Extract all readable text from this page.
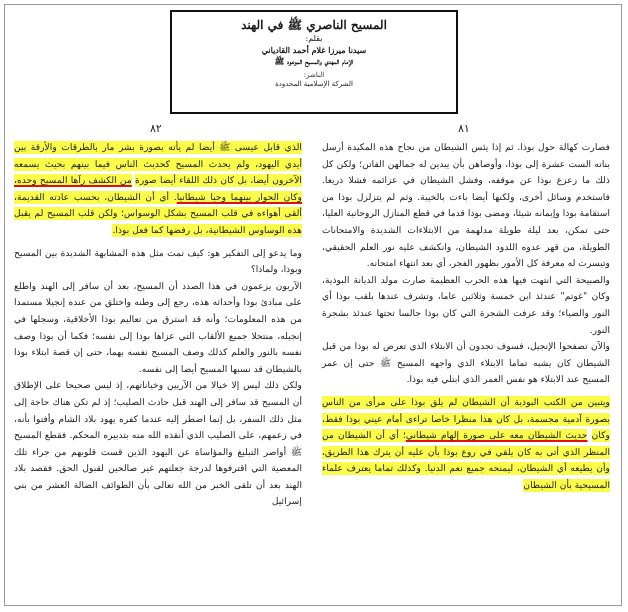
المسيح الناصري ﷺ في الهند
بقلم:
سيدنا ميرزا غلام أحمد القادياني
الإمام المهدي والمسيح الموعود ﷺ
الناشر:
الشركة الإسلامية المحدودة
٨٢	٨١

فصارت كهالة حول بوذا. ثم إذا يئس الشيطان من نجاح هذه المكيدة أرسل بناته الست عشرة إلى بوذا، وأوصاهن بأن يبدين له جمالهن الفاتن؛ ولكن كل ذلك ما زعزع بوذا عن موقفه، وفشل الشيطان في عزائمه فشلا ذريعا. فاستخدم وسائل أخرى، ولكنها أيضا باءت بالخيبة. وثم لم يتزلزل بوذا من استقامة بوذا وإيمانه شيئا، ومضى بوذا قدما في قطع المنازل الروحانية العليا، حتى تمكن، بعد ليلة طويلة مدلهمة من الابتلاءات الشديدة والامتحانات الطويلة، من قهر عدوه اللدود الشيطان، وانكشف عليه نور العلم الحقيقي، وتيسرت له معرفة كل الأمور بظهور الفجر، أي بعد انتهاء امتحانه.

والصبيحة التي انتهت فيها هذه الحرب العظيمة صارت مولد الديانة البوذية، وكان "غوتم" عندئذ ابن خمسة وثلاثين عاما، وتشرف عندها بلقب بوذا أي النور والضياء؛ وقد عرفت الشجرة التي كان بوذا جالسا تحتها عندئذ بشجرة النور.

والآن تصفحوا الإنجيل، فسوف تجدون أن الابتلاء الذي تعرض له بوذا من قبل الشيطان كان يشبه تماما الابتلاء الذي واجهه المسيح ﷺ حتى إن عمر المسيح عند الابتلاء هو نفس العمر الذي ابتلي فيه بوذا.

ويتبين من الكتب البوذية أن الشيطان لم يلق بوذا على مرأى من الناس بصورة آدمية مجسمة، بل كان هذا منظرا خاصا تراءى أمام عيني بوذا فقط، وكان حديث الشيطان معه على صورة إلهام شيطاني؛ أي أن الشيطان من المنظر الذي أتى به كان يلقي في روع بوذا بأن عليه أن يترك هذا الطريق، وأن يطيعه أي الشيطان، ليمنحه جميع نعم الدنيا. وكذلك تماما يعترف علماء المسيحية بأن الشيطان

الذي قابل عيسى ﷺ أيضا لم يأته بصورة بشر مار بالطرقات والأرقة بين أيدي اليهود، ولم يحدث المسيح كحديث الناس فيما بينهم بحيث يسمعه الآخرون أيضا، بل كان ذلك اللقاء أيضا صورة من الكشف رآها المسيح وحده، وكان الحوار بينهما وحيا شيطانيا. أي أن الشيطان، بحسب عادته القديمة، ألقى أهواءه في قلب المسيح بشكل الوسواس؛ ولكن قلب المسيح لم يقبل هذه الوساوس الشيطانية، بل رفضها كما فعل بوذا.

وما يدعو إلى التفكير هو: كيف تمت مثل هذه المشابهة الشديدة بين المسيح وبوذا، ولماذا؟

الآريون يزعمون في هذا الصدد أن المسيح، بعد أن سافر إلى الهند واطلع على مبادئ بوذا وأحداثه هذه، رجع إلى وطنه واختلق من عنده إنجيلا مستمدا من هذه المعلومات؛ وأنه قد استرق من تعاليم بوذا الأخلاقية، وسجلها في إنجيله، منتحلا جميع الألقاب التي عزاها بوذا إلى نفسه؛ فكما أن بوذا وصف نفسه بالنور والعلم كذلك وصف المسيح نفسه بهما، حتى إن قصة ابتلاء بوذا بالشيطان قد نسبها المسيح أيضا إلى نفسه.

ولكن ذلك ليس إلا خيالا من الآريين وخياناتهم، إذ ليس صحيحا على الإطلاق أن المسيح قد سافر إلى الهند قبل حادث الصليب؛ إذ لم تكن هناك حاجة إلى مثل ذلك السفر، بل إنما اضطر إليه عندما كفره يهود بلاد الشام وأفتوا بأنه، في زعمهم، على الصليب الذي أنقذه الله منه بتدبيره المحكم. فقطع المسيح ﷺ أواصر التبليغ والمؤاساة عن اليهود الذين قست قلوبهم من جراء تلك المعصية التي اقترفوها لدرجة جعلتهم غير صالحين لقبول الحق. فقصد بلاد الهند بعد أن تلقى الخبر من الله تعالى بأن الطوائف الضالة العشر من بني إسرائيل
